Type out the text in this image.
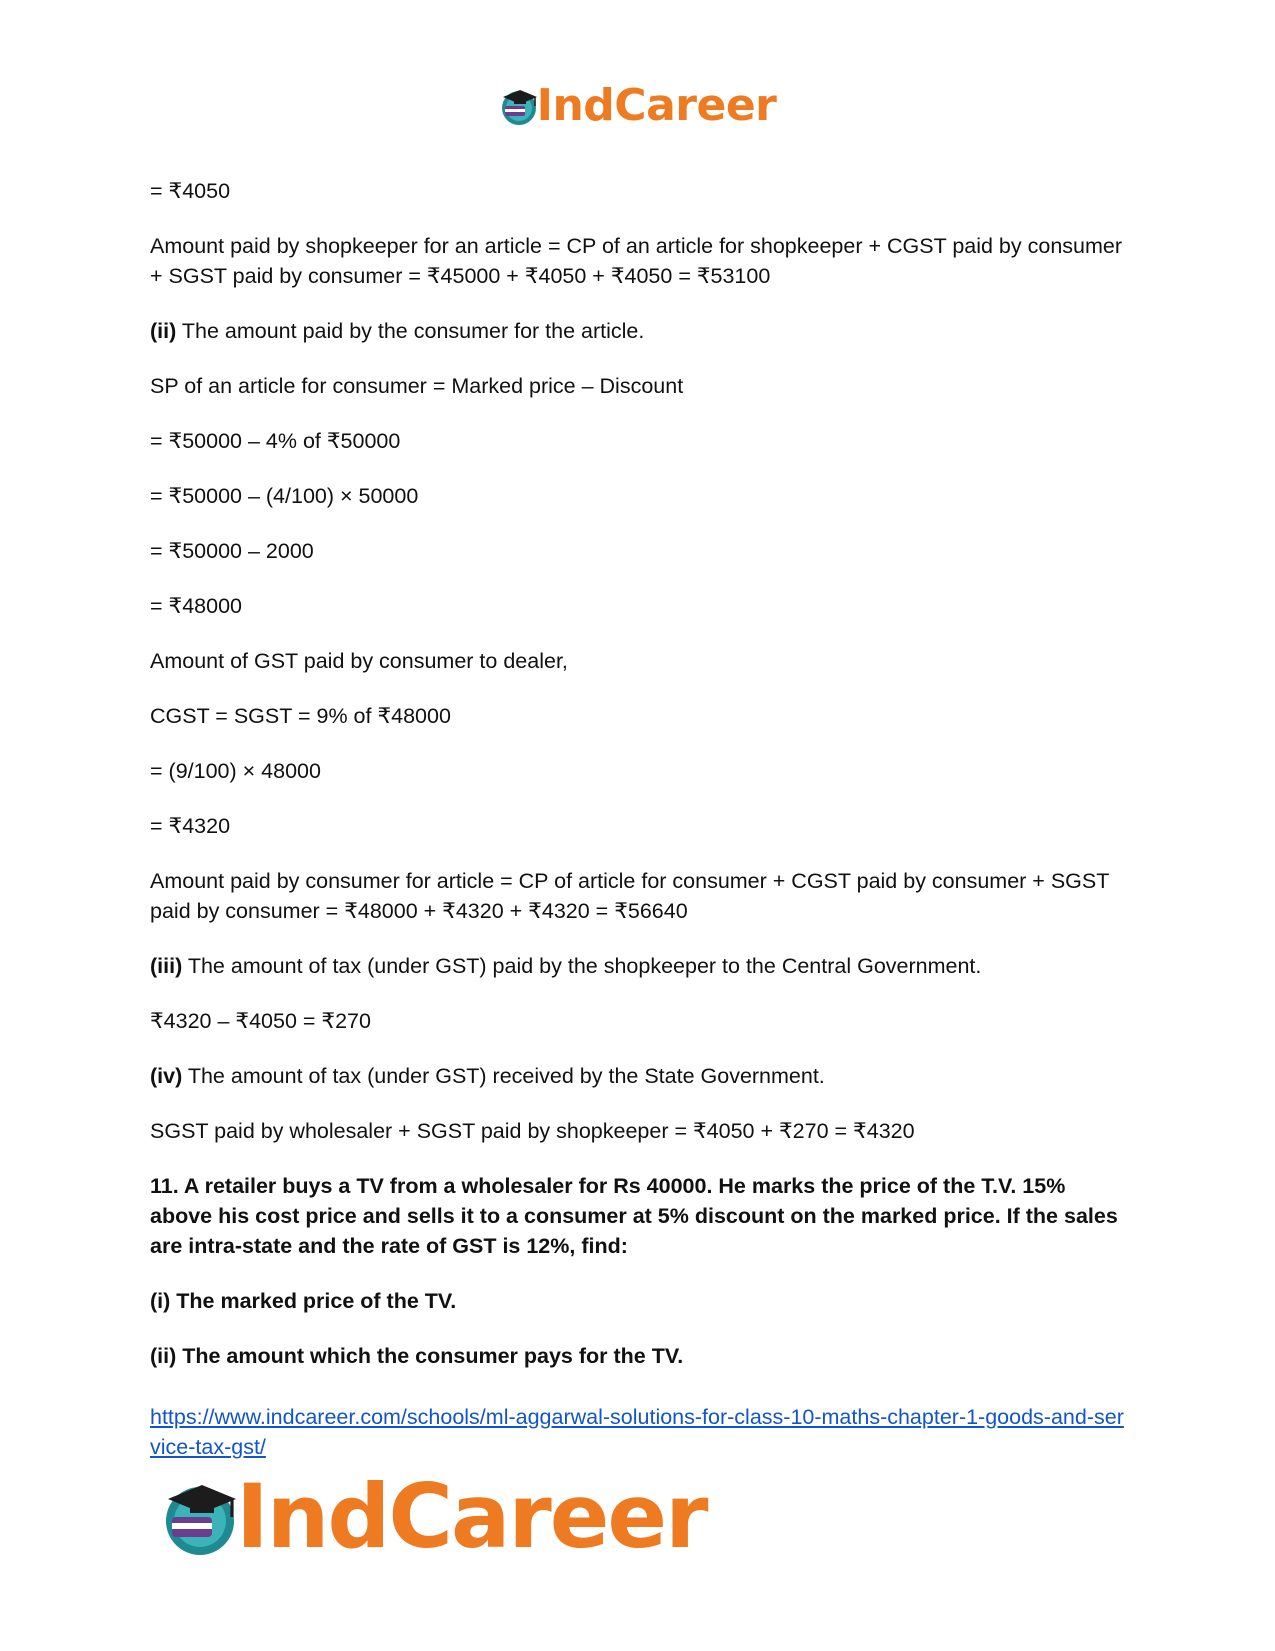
IndCareer

= ₹4050

Amount paid by shopkeeper for an article = CP of an article for shopkeeper + CGST paid by consumer + SGST paid by consumer = ₹45000 + ₹4050 + ₹4050 = ₹53100

(ii) The amount paid by the consumer for the article.

SP of an article for consumer = Marked price – Discount

= ₹50000 – 4% of ₹50000

= ₹50000 – (4/100) × 50000

= ₹50000 – 2000

= ₹48000

Amount of GST paid by consumer to dealer,

CGST = SGST = 9% of ₹48000

= (9/100) × 48000

= ₹4320

Amount paid by consumer for article = CP of article for consumer + CGST paid by consumer + SGST paid by consumer = ₹48000 + ₹4320 + ₹4320 = ₹56640

(iii) The amount of tax (under GST) paid by the shopkeeper to the Central Government.

₹4320 – ₹4050 = ₹270

(iv) The amount of tax (under GST) received by the State Government.

SGST paid by wholesaler + SGST paid by shopkeeper = ₹4050 + ₹270 = ₹4320

11. A retailer buys a TV from a wholesaler for Rs 40000. He marks the price of the T.V. 15% above his cost price and sells it to a consumer at 5% discount on the marked price. If the sales are intra-state and the rate of GST is 12%, find:

(i) The marked price of the TV.

(ii) The amount which the consumer pays for the TV.

https://www.indcareer.com/schools/ml-aggarwal-solutions-for-class-10-maths-chapter-1-goods-and-service-tax-gst/
IndCareer
